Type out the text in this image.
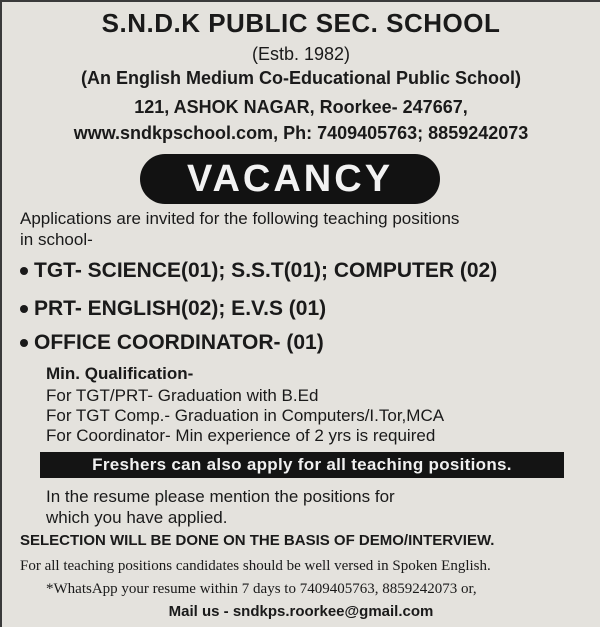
S.N.D.K PUBLIC SEC. SCHOOL
(Estb. 1982)
(An English Medium Co-Educational Public School)
121, ASHOK NAGAR, Roorkee- 247667,
www.sndkpschool.com, Ph: 7409405763; 8859242073
VACANCY
Applications are invited for the following teaching positions
in school-
TGT- SCIENCE(01); S.S.T(01); COMPUTER (02)
PRT- ENGLISH(02); E.V.S (01)
OFFICE COORDINATOR- (01)
Min. Qualification-
For TGT/PRT- Graduation with B.Ed
For TGT Comp.- Graduation in Computers/I.Tor,MCA
For Coordinator- Min experience of 2 yrs is required
Freshers can also apply for all teaching positions.
In the resume please mention the positions for
which you have applied.
SELECTION WILL BE DONE ON THE BASIS OF DEMO/INTERVIEW.
For all teaching positions candidates should be well versed in Spoken English.
*WhatsApp your resume within 7 days to 7409405763, 8859242073 or,
Mail us - sndkps.roorkee@gmail.com
